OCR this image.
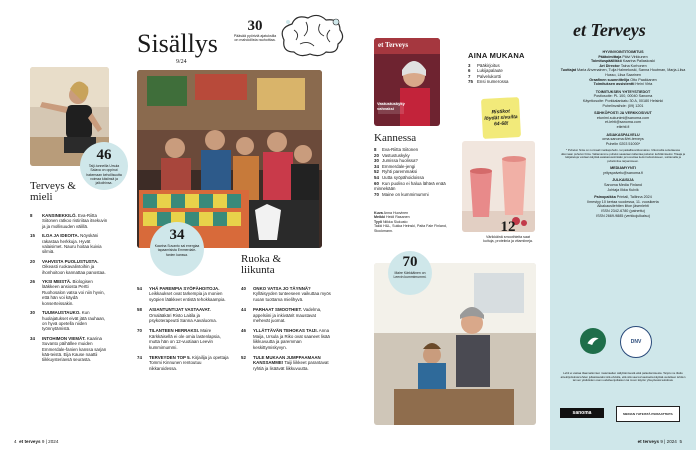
46
Taiji-tunneilla Ursula Salava on oppinut hakemaan kehollisuutta voimaa käsiinsä ja jalkoihinsa.
Terveys & mieli
8 KANSINEKKILÖ. Eva-Riitta Siitonen ratkoo ristiriitaa itsekuvin ja ja mollisuuden välillä.
15 ILOA JA IDEOITA. Nöyskäni rakastaa herkkuja. Hyvät valaisimet. Nauru hoitaa kuivia silmiä.
20 VAHVISTA PUOLUSTUSTA. Oikeasti ruokavalintoihin ja ihonhoitoon kannattaa panostaa.
26 YKSI MEISTÄ. Biologisen lääkkeen ansiosta Pertti Ruohosalon vatsa voi niin hyvin, että hän voi käydä konserteissakin.
30 TUUMAUSTAUKO. Kun huolajatukset eivät jätä rauhaan, on hyvä opetella niiden työnnytämistä.
34 INTOHIMON VIEMÄT. Kaarina Suvanto päihällee muiden Emmerdale-fanien kanssa sarjan kää-teistä. Eija Kause naattii tiikkuysteriavsä seurasta.
Sisällys
9/24
30
Pääsää pyöriviä ajatuksilla on mahdollista rauhoittaa.
34
Kaarina Suvanto sai energiaa tapaamisista Emmerdale-fanien kanssa.
54 YHÄ PAREMPIA SYÖPÄHOITOJA. Leikkaukset ovat tarkempia ja monien syöpien lääkkeet entistä tehokkaampia.
58 ASIANTUNTIJAT VASTAAVAT. Omalääkäri Risto Laitila ja psykoterapeutti Sanna Aavaluoma.
70 TILANTEEN HERRAKSI. Maire Kärkkäisellä ei ole omia lastenlapsia, mutta hän on 12-vuotiaan Leevin kummimummi.
74 TERVEYDEN TOP 5. Kirjailija ja opettaja Tommi Kinnunen rentoutuu nikkaroidessa.
Ruoka & liikunta
40 ONKO VATSA JO TÄYNNÄ? Kylläisyyden tunteeseen vaikuttaa myös ruoan tuottama mielihyvä.
44 PARHAAT SMOOTHIET. Vadelma, appelsiini ja inkiväärit maustavat mehevät juomat.
46 YLLÄTTÄVÄN TEHOKAS TAIJI. Anna Maija, Ursula ja Riko ovat saaneet lisää liikkuvuutta ja paremman keskittymiskyvyn.
52 TULE MUKAAN JUMPPAAMAAN KANSSAMME! Taiji liikkeet parantavat ryhtiä ja lisäävät liikkuvuutta.
4 et terveys 9 | 2024
et Terveys
Vastustuskyky
vahvaksi
AINA MUKANA
3 Pääkirjoitus
6 Lukijapalaute
7 Palvelukortti
75 Ensi numerossa
Ristikot löydät sivuilta 64-68!
Kannessa
8 Eva-Riitta Siitonen
20 Vastustuskyky
30 Jumissa huolissa?
34 Emmerdale-jengi
52 Ryhti paremmaksi
54 Uutta syöpähoidoissa
60 Kun puoliso ei halua lähteä enää minnekään
70 Maine on kummimummi
Kuva Anna Huovinen
Meikki Heidi Rasanen
Tyyli Niikka Siukusto
Takki H&L, Sukka Heinski, Paita Fale Finland, Stockmann.	12
Värikkäinä smoothieita saat kuituja, proteiinia ja vitamiineja.
70
Maire Kärkkäinen on Leevin kummimummi.
et Terveys
HYVINVOINTITOIMITUS
Päätoimittaja Päivi Virkkunen
Toimituspäällikkö Kaarina Pallaskoski
Art Director Taina Korhonen
Tuottajat Maria Ahvenainen, Tuija Halmekoski, Sanna Houtman, Marja-Liisa Husso, Liisa Saarinen
Graafinen suunnittelija Otto Paakkanen
Toimituksen assistentti Heini Virta
TOIMITUKSEN YHTEYSTIEDOT
Postiosoite: PL 100, 00040 Sanoma
Käyntiosoite: Porkkalankatu 30 A, 00180 Helsinki
Puhelinvaihde: (09) 1201
SÄHKÖPOSTI JA VERKKOSIVUT
etunimi.sukunimi@sanoma.com
et-lehti@sanoma.com
etlehti.fi
ASIAKASPALVELU
oma.sanoma.fi/et-terveys
Puhelin 0203 51000*
* Puhelun hinta on normaali matkapuhelin- tai paikallisverkkomaksu. Ulkomailta soitettaessa ulkomaan puhelun hinta. Valtamamme puhelut saatetaan tallentaa palvelun kehittämiseksi. Tilaaja ja lukijatietoja voidaan käyttää asiakasviestintään ja luovuttaa tiedot tarkoitukseen, soittamalla ja puhelimitse tarjoamiseen.
MEDIAMYYNTI
yrityspalvelu@sanoma.fi
JULKAISIJA
Sanoma Media Finland
Johtaja Ilkka Kulvik
Painopaikka Printall, Tallinna 2024
Ilmestyy 10 kertaa vuodessa, 11. vuosikerta
Aikakausilehtien liiton jäsenlehti
ISSN 2342-6780 (painettu)
ISSN 2669-9885 (verkkojulkaisu)
DNV
Lehti ei vastaa tilaamattomien materiaalien säilyttämisestä eikä palauttamisesta. Tarjotu ne tilattu ainekirjoituksia lehden julkaistavaksi sitä ehdolla, että sitä saa korvauksetta käyttää uudelleen lehden tai sen yksiköiden osan uudelleenjulkaisun tai muun käytön yhteydessä tekstissä.
sanoma	MEDIAN YHTEISTÄ PERIAATTEITA
et terveys 9 | 2024 5
